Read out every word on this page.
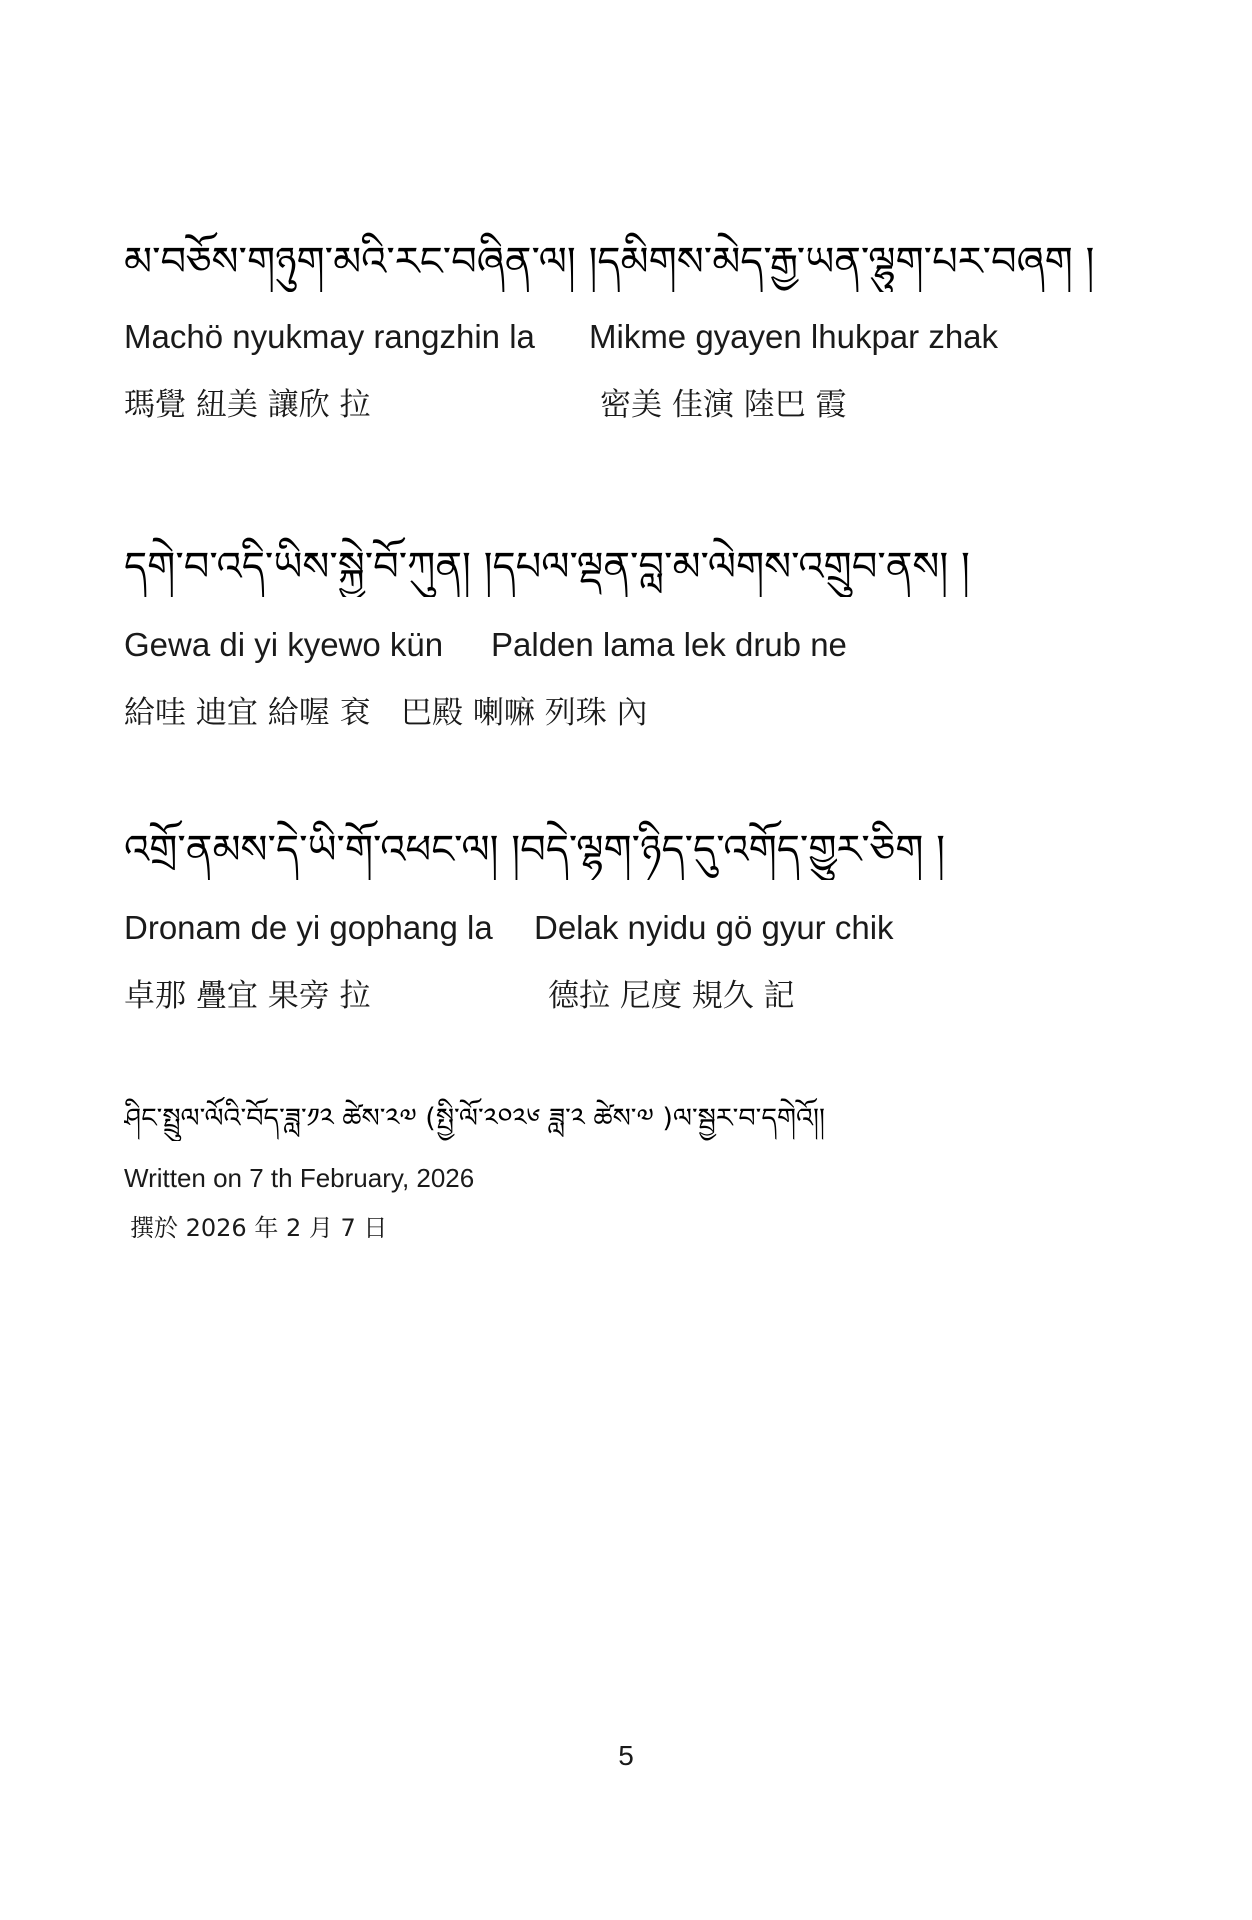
མ་བཅོས་གཉུག་མའི་རང་བཞིན་ལ། །དམིགས་མེད་རྒྱ་ཡན་ལྷུག་པར་བཞག །
Machö nyukmay rangzhin la Mikme gyayen lhukpar zhak
瑪覺 紐美 讓欣 拉	密美 佳演 陸巴 霞
དགེ་བ་འདི་ཡིས་སྐྱེ་བོ་ཀུན། །དཔལ་ལྡན་བླ་མ་ལེགས་འགྲུབ་ནས། །
Gewa di yi kyewo kün Palden lama lek drub ne
給哇 迪宜 給喔 袞 巴殿 喇嘛 列珠 內
འགྲོ་ནམས་དེ་ཡི་གོ་འཕང་ལ། །བདེ་ལྷག་ཉིད་དུ་འགོད་གྱུར་ཅིག །
Dronam de yi gophang la Delak nyidu gö gyur chik
卓那 疊宜 果旁 拉	德拉 尼度 規久 記
ཤིང་སྤྲུལ་ལོའི་བོད་ཟླ་༡༢ ཚེས་༢༧ (སྤྱི་ལོ་༢༠༢༦ ཟླ་༢ ཚེས་༧ )ལ་སྦྱར་བ་དགེའོ།།
Written on 7 th February, 2026
撰於 2026 年 2 月 7 日
5
